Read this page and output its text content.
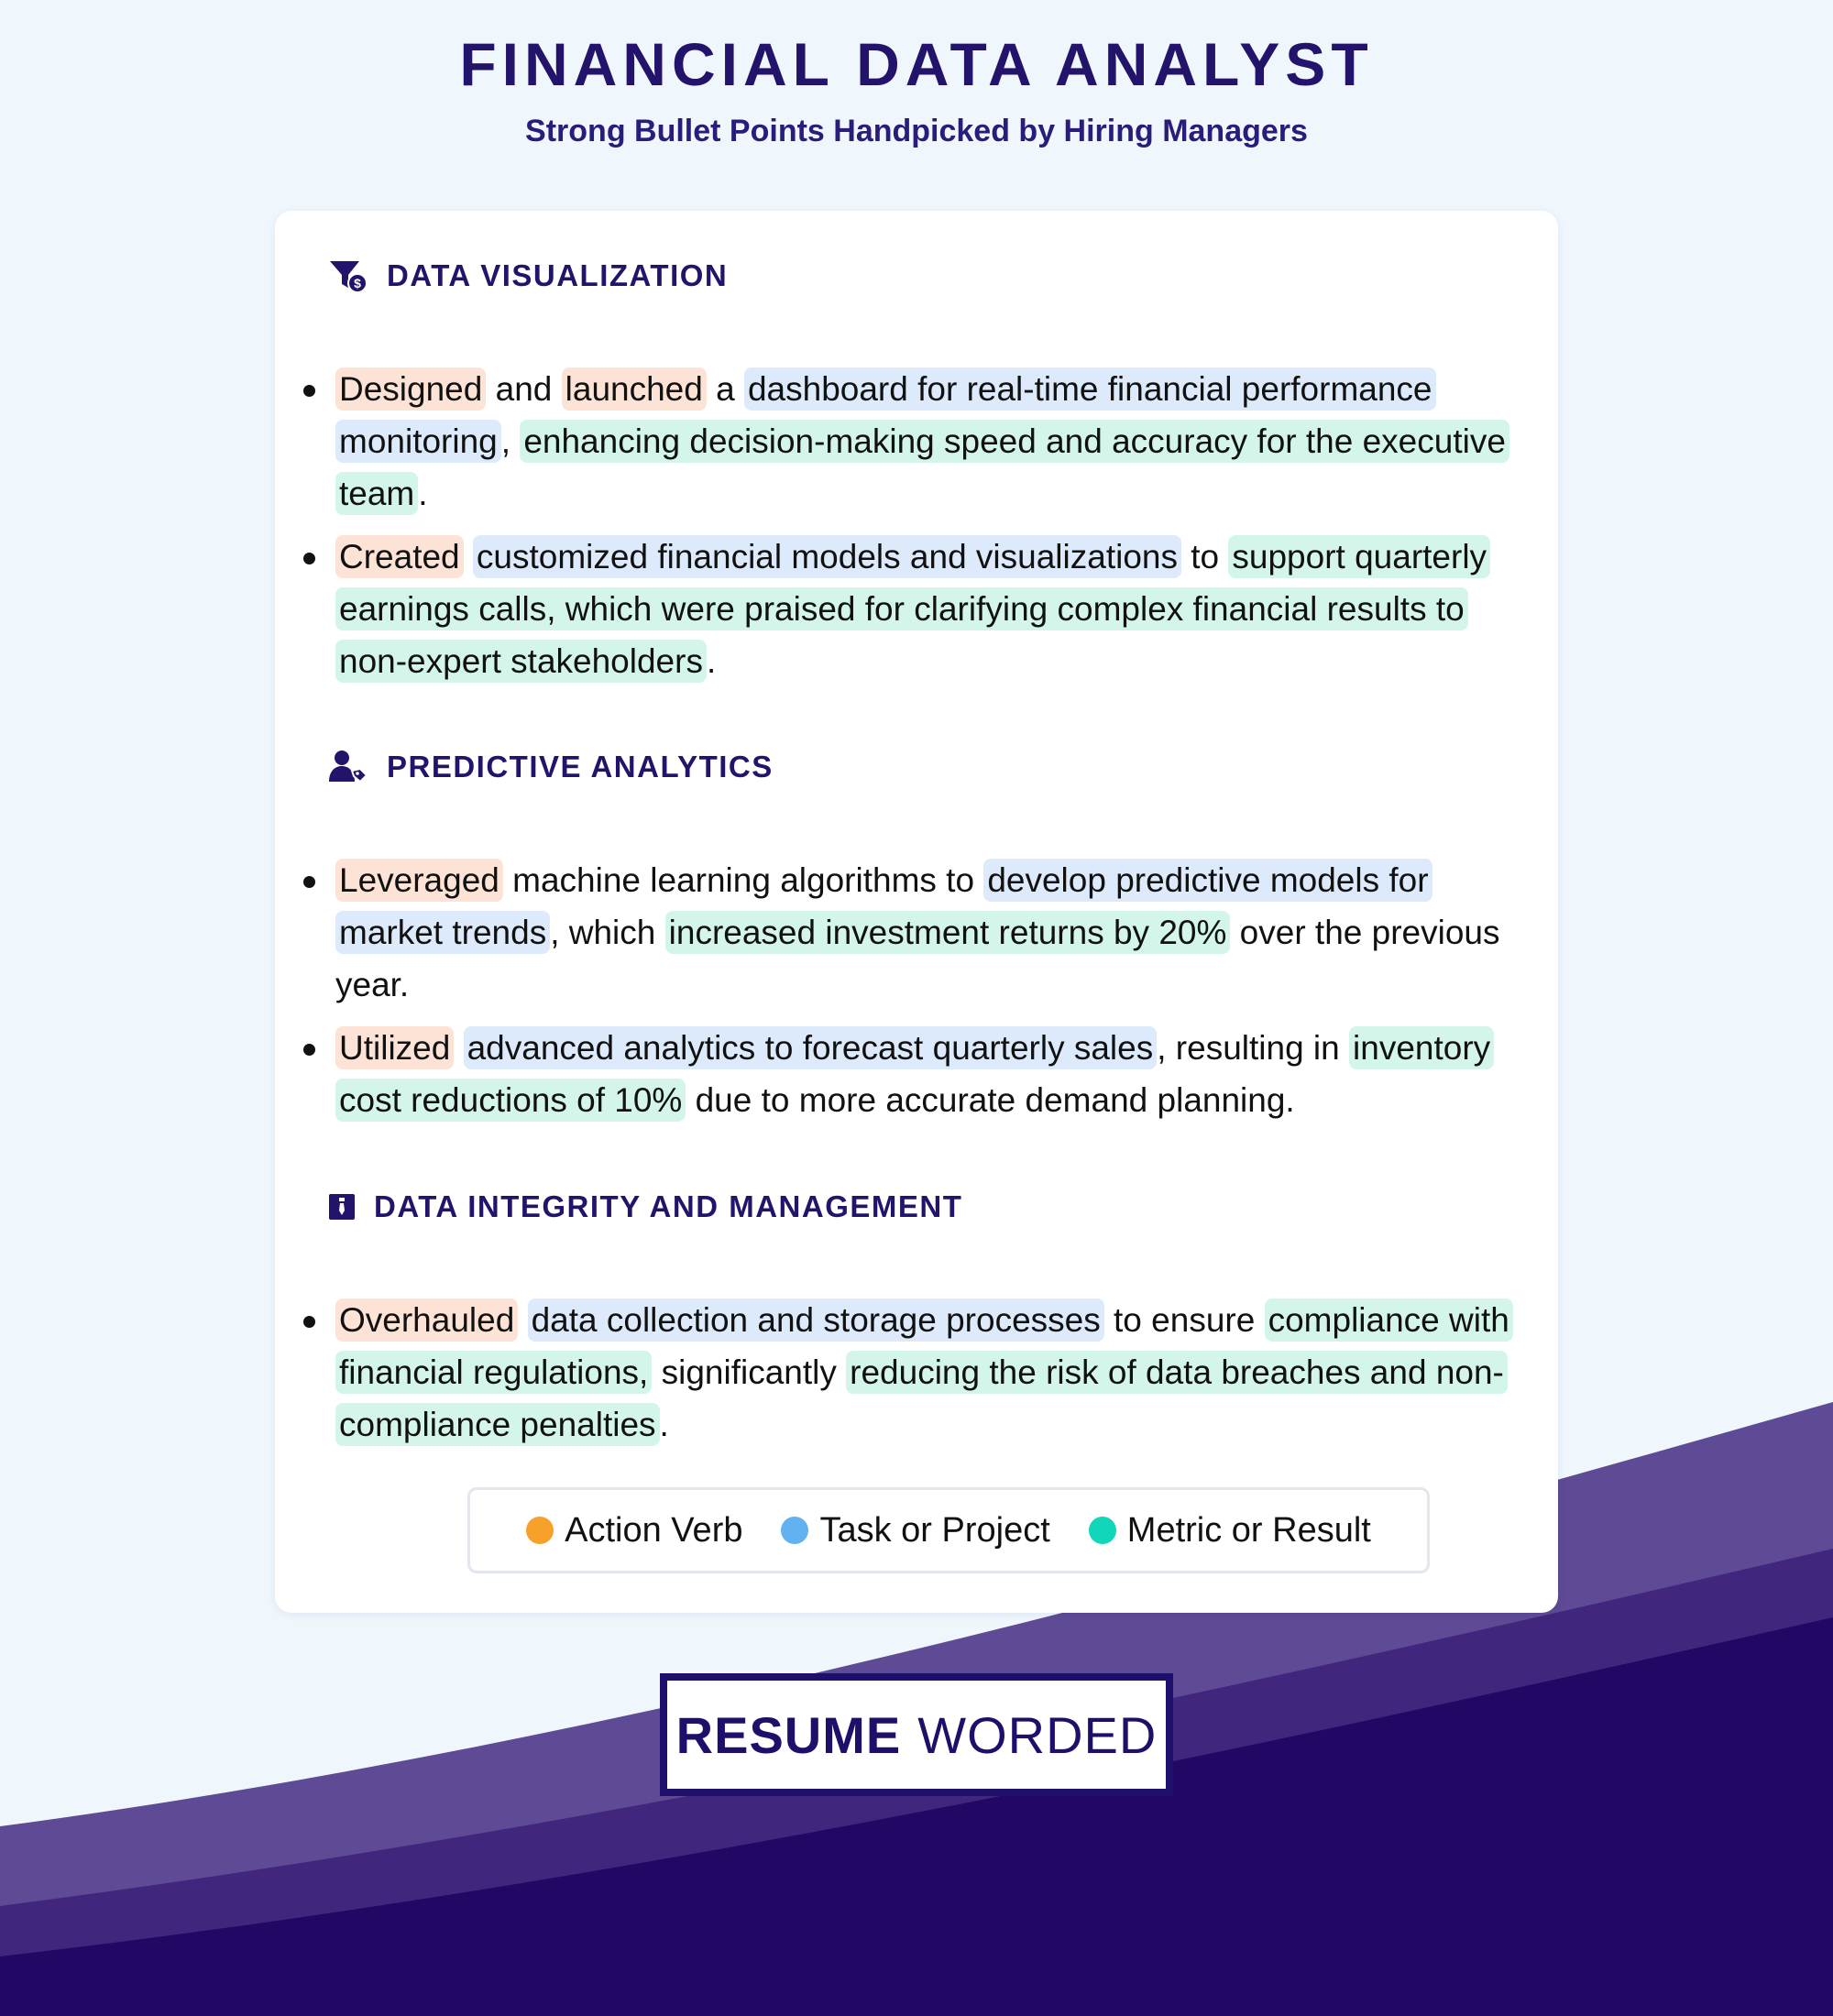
FINANCIAL DATA ANALYST

Strong Bullet Points Handpicked by Hiring Managers

$ DATA VISUALIZATION
Designed and launched a dashboard for real-time financial performance monitoring , enhancing decision-making speed and accuracy for the executive team .
Created customized financial models and visualizations to support quarterly earnings calls, which were praised for clarifying complex financial results to non-expert stakeholders .
PREDICTIVE ANALYTICS
Leveraged machine learning algorithms to develop predictive models for market trends , which increased investment returns by 20% over the previous year.
Utilized advanced analytics to forecast quarterly sales , resulting in inventory cost reductions of 10% due to more accurate demand planning.
DATA INTEGRITY AND MANAGEMENT
Overhauled data collection and storage processes to ensure compliance with financial regulations, significantly reducing the risk of data breaches and non-compliance penalties .
Action Verb Task or Project Metric or Result
RESUME WORDED
